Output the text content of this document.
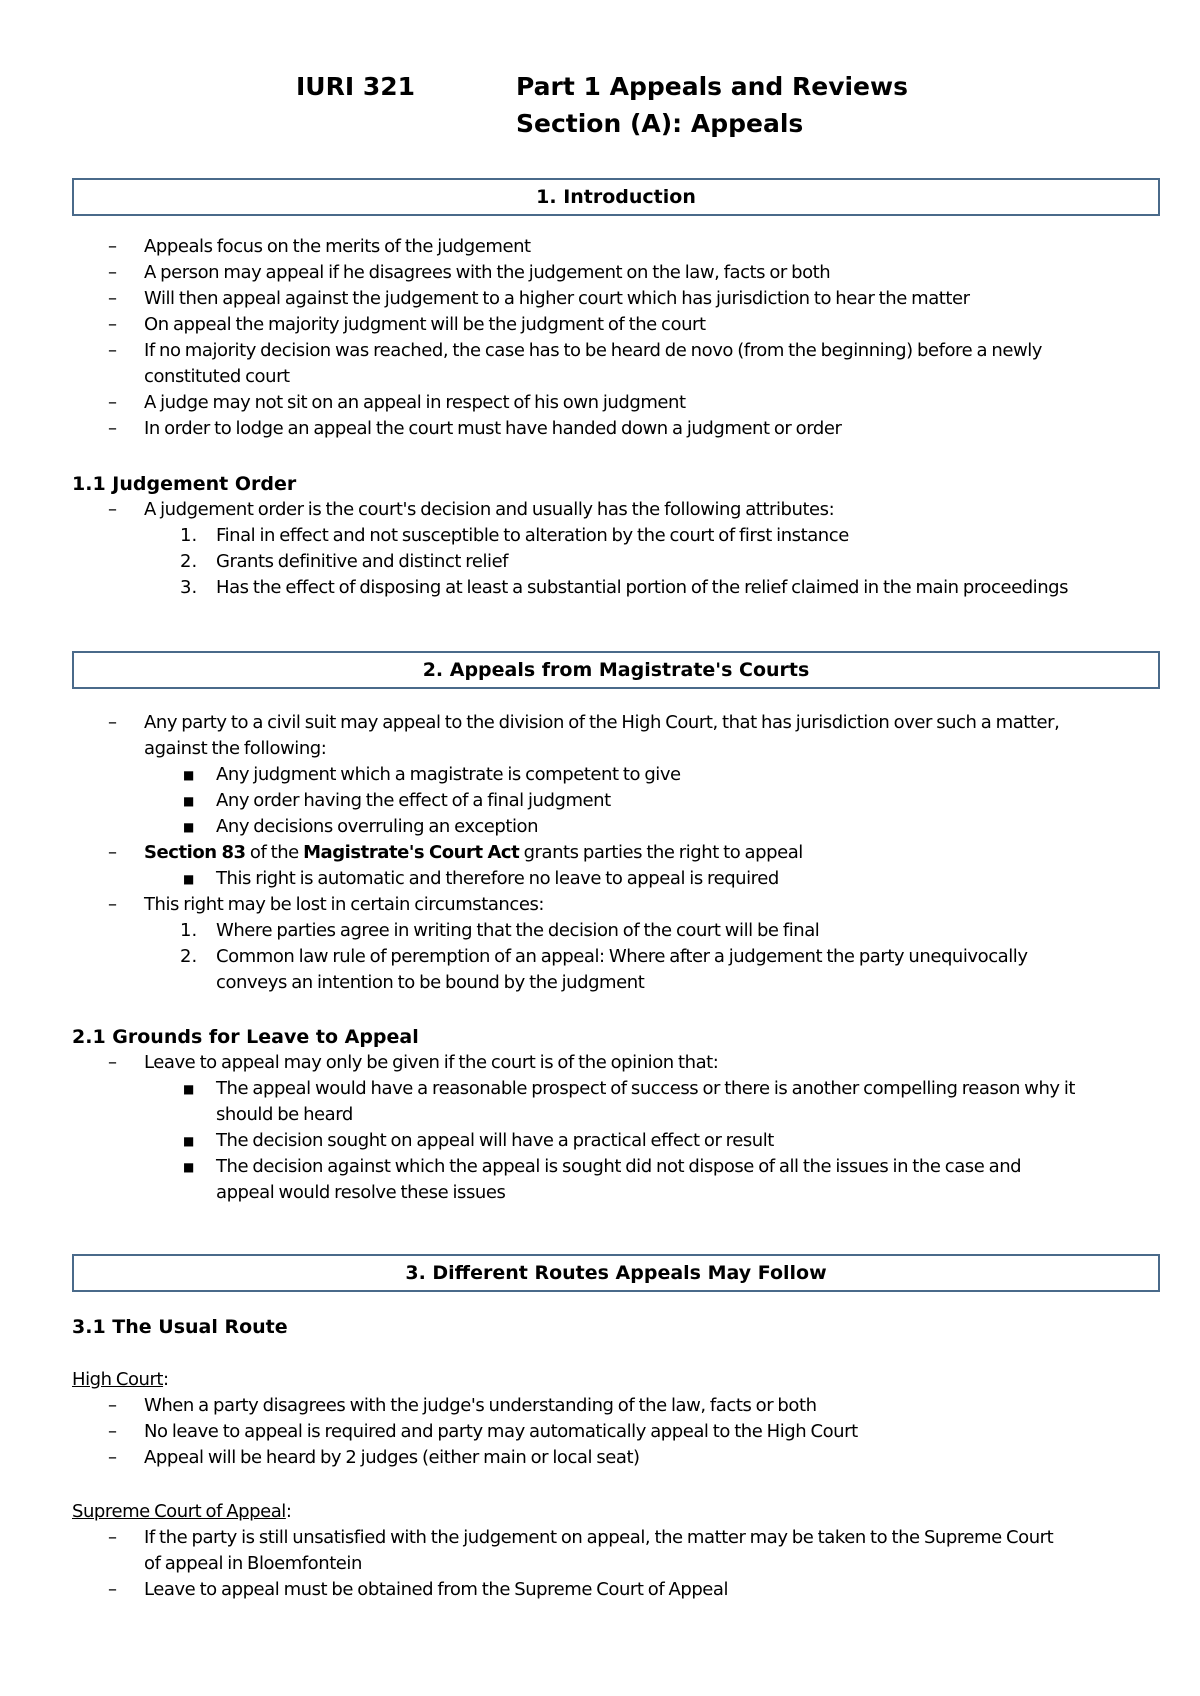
IURI 321	Part 1 Appeals and Reviews
Section (A): Appeals
1. Introduction
– Appeals focus on the merits of the judgement
– A person may appeal if he disagrees with the judgement on the law, facts or both
– Will then appeal against the judgement to a higher court which has jurisdiction to hear the matter
– On appeal the majority judgment will be the judgment of the court
– If no majority decision was reached, the case has to be heard de novo (from the beginning) before a newly
constituted court
– A judge may not sit on an appeal in respect of his own judgment
– In order to lodge an appeal the court must have handed down a judgment or order
1.1 Judgement Order
– A judgement order is the court's decision and usually has the following attributes:
1. Final in effect and not susceptible to alteration by the court of first instance
2. Grants definitive and distinct relief
3. Has the effect of disposing at least a substantial portion of the relief claimed in the main proceedings
2. Appeals from Magistrate's Courts
– Any party to a civil suit may appeal to the division of the High Court, that has jurisdiction over such a matter,
against the following:
■ Any judgment which a magistrate is competent to give
■ Any order having the effect of a final judgment
■ Any decisions overruling an exception
– Section 83 of the Magistrate's Court Act grants parties the right to appeal
■ This right is automatic and therefore no leave to appeal is required
– This right may be lost in certain circumstances:
1. Where parties agree in writing that the decision of the court will be final
2. Common law rule of peremption of an appeal: Where after a judgement the party unequivocally
conveys an intention to be bound by the judgment
2.1 Grounds for Leave to Appeal
– Leave to appeal may only be given if the court is of the opinion that:
■ The appeal would have a reasonable prospect of success or there is another compelling reason why it
should be heard
■ The decision sought on appeal will have a practical effect or result
■ The decision against which the appeal is sought did not dispose of all the issues in the case and
appeal would resolve these issues
3. Different Routes Appeals May Follow
3.1 The Usual Route
High Court:
– When a party disagrees with the judge's understanding of the law, facts or both
– No leave to appeal is required and party may automatically appeal to the High Court
– Appeal will be heard by 2 judges (either main or local seat)
Supreme Court of Appeal:
– If the party is still unsatisfied with the judgement on appeal, the matter may be taken to the Supreme Court
of appeal in Bloemfontein
– Leave to appeal must be obtained from the Supreme Court of Appeal
